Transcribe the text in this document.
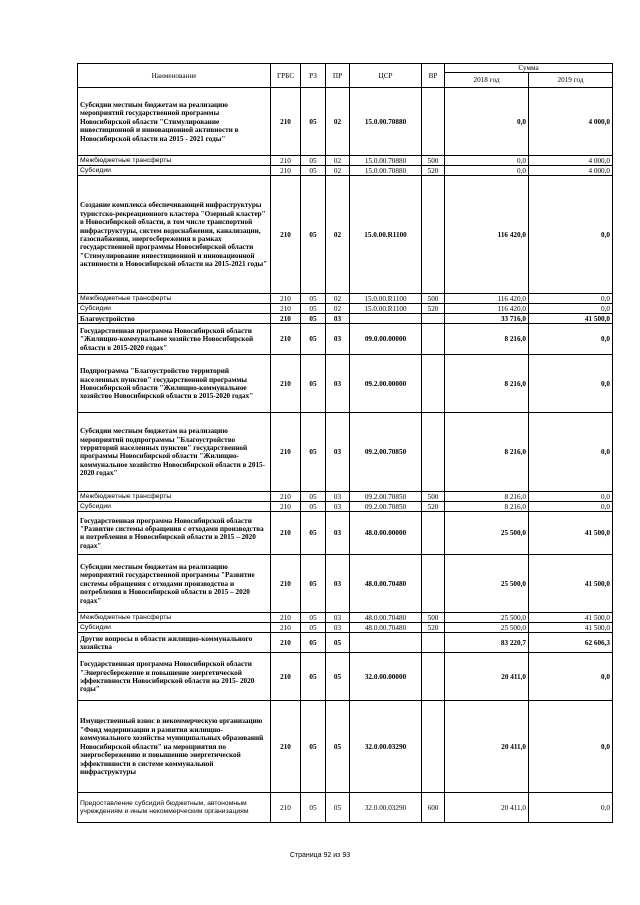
Наименование	ГРБС	РЗ	ПР	ЦСР	ВР	Сумма	
						2018 год	2019 год
Субсидии местным бюджетам на реализацию мероприятий государственной программы Новосибирской области "Стимулирование инвестиционной и инновационной активности в Новосибирской области на 2015 - 2021 годы"	210	05	02	15.0.00.70880		0,0	4 000,0
Межбюджетные трансферты	210	05	02	15.0.00.70880	500	0,0	4 000,0
Субсидии	210	05	02	15.0.00.70880	520	0,0	4 000,0
Создание комплекса обеспечивающей инфраструктуры туристско-рекреационного кластера "Озерный кластер" в Новосибирской области, в том числе транспортной инфраструктуры, систем водоснабжения, канализации, газоснабжения, энергосбережения в рамках государственной программы Новосибирской области "Стимулирование инвестиционной и инновационной активности в Новосибирской области на 2015-2021 годы"	210	05	02	15.0.00.R1100		116 420,0	0,0
Межбюджетные трансферты	210	05	02	15.0.00.R1100	500	116 420,0	0,0
Субсидии	210	05	02	15.0.00.R1100	520	116 420,0	0,0
Благоустройство	210	05	03			33 716,0	41 500,0
Государственная программа Новосибирской области "Жилищно-коммунальное хозяйство Новосибирской области в 2015-2020 годах"	210	05	03	09.0.00.00000		8 216,0	0,0
Подпрограмма "Благоустройство территорий населенных пунктов" государственной программы Новосибирской области "Жилищно-коммунальное хозяйство Новосибирской области в 2015-2020 годах"	210	05	03	09.2.00.00000		8 216,0	0,0
Субсидии местным бюджетам на реализацию мероприятий подпрограммы "Благоустройство территорий населенных пунктов" государственной программы Новосибирской области "Жилищно-коммунальное хозяйство Новосибирской области в 2015-2020 годах"	210	05	03	09.2.00.70850		8 216,0	0,0
Межбюджетные трансферты	210	05	03	09.2.00.70850	500	8 216,0	0,0
Субсидии	210	05	03	09.2.00.70850	520	8 216,0	0,0
Государственная программа Новосибирской области "Развитие системы обращения с отходами производства и потребления в Новосибирской области в 2015 – 2020 годах"	210	05	03	48.0.00.00000		25 500,0	41 500,0
Субсидии местным бюджетам на реализацию мероприятий государственной программы "Развитие системы обращения с отходами производства и потребления в Новосибирской области в 2015 – 2020 годах"	210	05	03	48.0.00.70480		25 500,0	41 500,0
Межбюджетные трансферты	210	05	03	48.0.00.70480	500	25 500,0	41 500,0
Субсидии	210	05	03	48.0.00.70480	520	25 500,0	41 500,0
Другие вопросы в области жилищно-коммунального хозяйства	210	05	05			83 220,7	62 606,3
Государственная программа Новосибирской области "Энергосбережение и повышение энергетической эффективности Новосибирской области на 2015- 2020 годы"	210	05	05	32.0.00.00000		20 411,0	0,0
Имущественный взнос в некоммерческую организацию "Фонд модернизации и развития жилищно-коммунального хозяйства муниципальных образований Новосибирской области" на мероприятия по энергосбережению и повышению энергетической эффективности в системе коммунальной инфраструктуры	210	05	05	32.0.00.03290		20 411,0	0,0
Предоставление субсидий бюджетным, автономным учреждениям и иным некоммерческим организациям	210	05	05	32.0.00.03290	600	20 411,0	0,0
Страница 92 из 93
